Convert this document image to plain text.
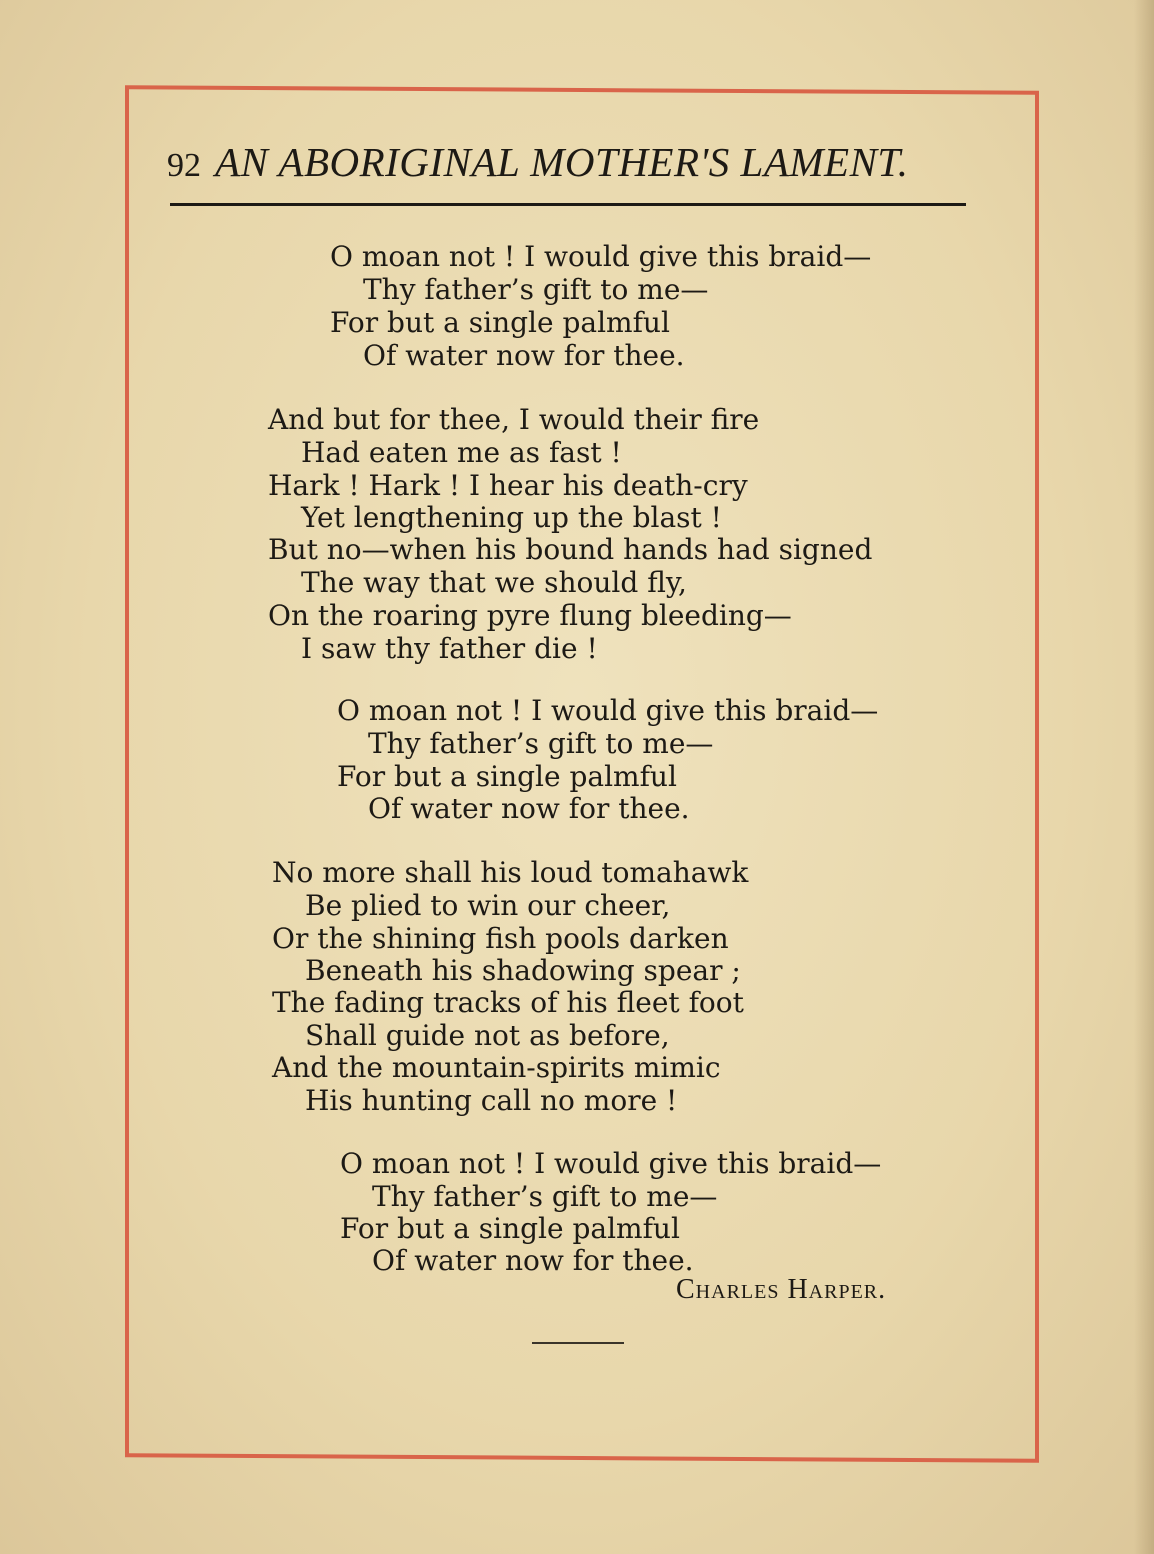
92 AN ABORIGINAL MOTHER'S LAMENT.
O moan not ! I would give this braid—
Thy father’s gift to me—
For but a single palmful
Of water now for thee.
And but for thee, I would their fire
Had eaten me as fast !
Hark ! Hark ! I hear his death-cry
Yet lengthening up the blast !
But no—when his bound hands had signed
The way that we should fly,
On the roaring pyre flung bleeding—
I saw thy father die !
O moan not ! I would give this braid—
Thy father’s gift to me—
For but a single palmful
Of water now for thee.
No more shall his loud tomahawk
Be plied to win our cheer,
Or the shining fish pools darken
Beneath his shadowing spear ;
The fading tracks of his fleet foot
Shall guide not as before,
And the mountain-spirits mimic
His hunting call no more !
O moan not ! I would give this braid—
Thy father’s gift to me—
For but a single palmful
Of water now for thee.
Charles Harper.
